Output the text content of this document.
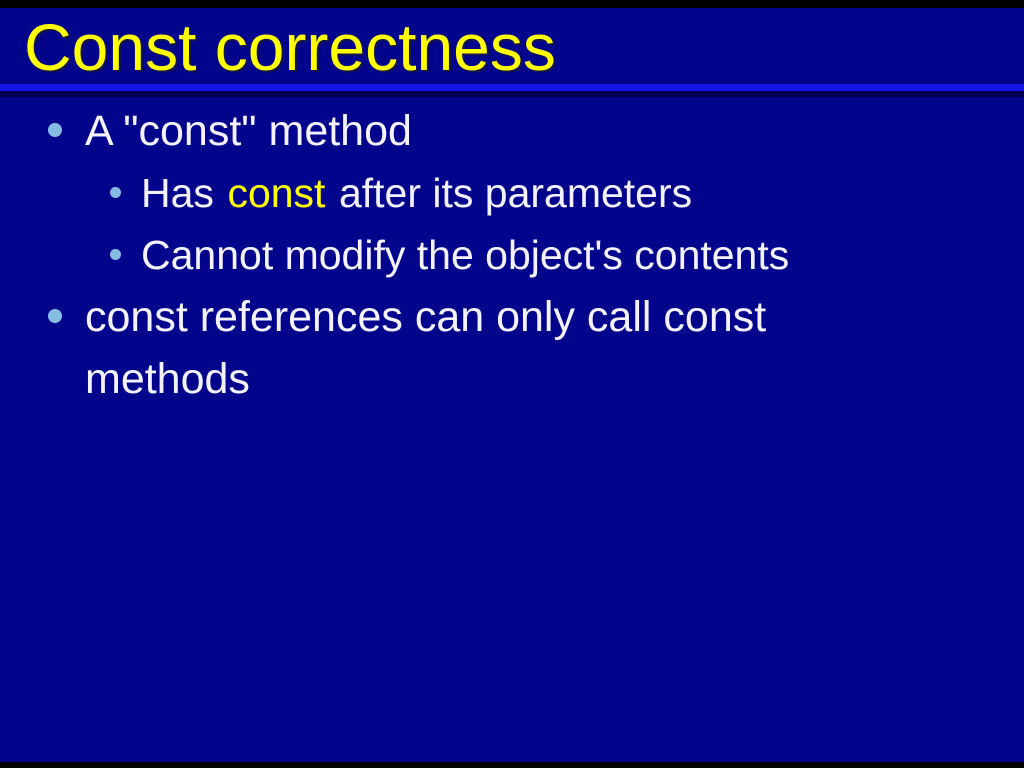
Const correctness
A "const" method
Has const after its parameters
Cannot modify the object's contents
const references can only call const methods
